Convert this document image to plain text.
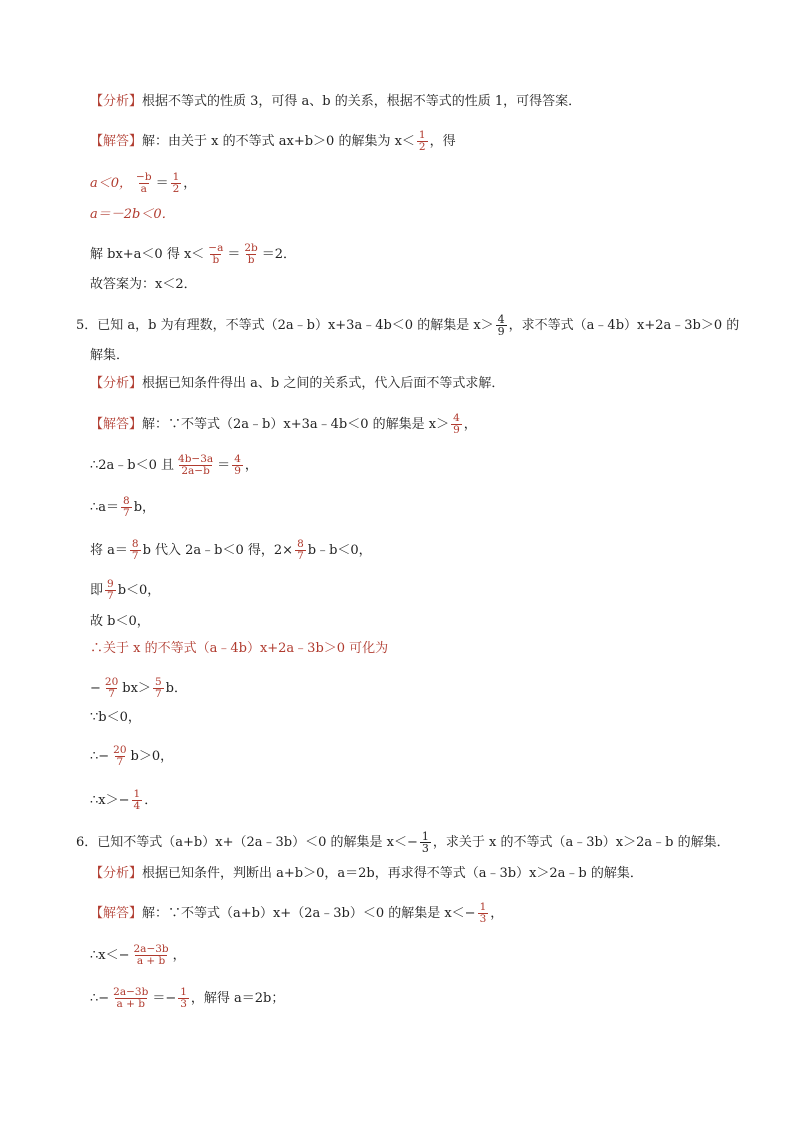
【分析】根据不等式的性质 3，可得 a、b 的关系，根据不等式的性质 1，可得答案．
【解答】解：由关于 x 的不等式 ax+b＞0 的解集为 $x< \frac{1}{2}$ ，得
a＜0， $\frac{-b}{a} = \frac{1}{2}$ ，
a＝－2b＜0．
解 bx+a＜0 得 $x< \frac{-a}{b} = \frac{2b}{b} =2$．
故答案为：x＜2．
5．已知 a，b 为有理数，不等式（2a﹣b）x+3a﹣4b＜0 的解集是 $x> \frac{4}{9}$ ，求不等式（a﹣4b）x+2a﹣3b＞0 的
解集．
【分析】根据已知条件得出 a、b 之间的关系式，代入后面不等式求解．
【解答】解：∵不等式（2a﹣b）x+3a﹣4b＜0 的解集是 $x> \frac{4}{9}$ ，
∴2a﹣b＜0 且 $\frac{4b-3a}{2a-b} = \frac{4}{9}$ ，
∴a＝ $\frac{8}{7}$ b，
将 $a= \frac{8}{7}$ b 代入 2a﹣b＜0 得，$2\times \frac{8}{7}$ b﹣b＜0，
即 $\frac{9}{7} b<0$，
故 b＜0，
∴关于 x 的不等式（a﹣4b）x+2a﹣3b＞0 可化为
− $\frac{20}{7} bx> \frac{5}{7}$ b．
∵b＜0，
∴− $\frac{20}{7} b>0$，
∴x＞− $\frac{1}{4}$ ．
6．已知不等式（a+b）x+（2a﹣3b）＜0 的解集是 $x<- \frac{1}{3}$ ，求关于 x 的不等式（a﹣3b）x＞2a﹣b 的解集．
【分析】根据已知条件，判断出 a+b＞0，a＝2b，再求得不等式（a﹣3b）x＞2a﹣b 的解集．
【解答】解：∵不等式（a+b）x+（2a﹣3b）＜0 的解集是 $x<- \frac{1}{3}$ ，
∴x＜− $\frac{2a-3b}{a + b}$ ，
∴− $\frac{2a-3b}{a + b} =- \frac{1}{3}$ ，解得 a＝2b；
